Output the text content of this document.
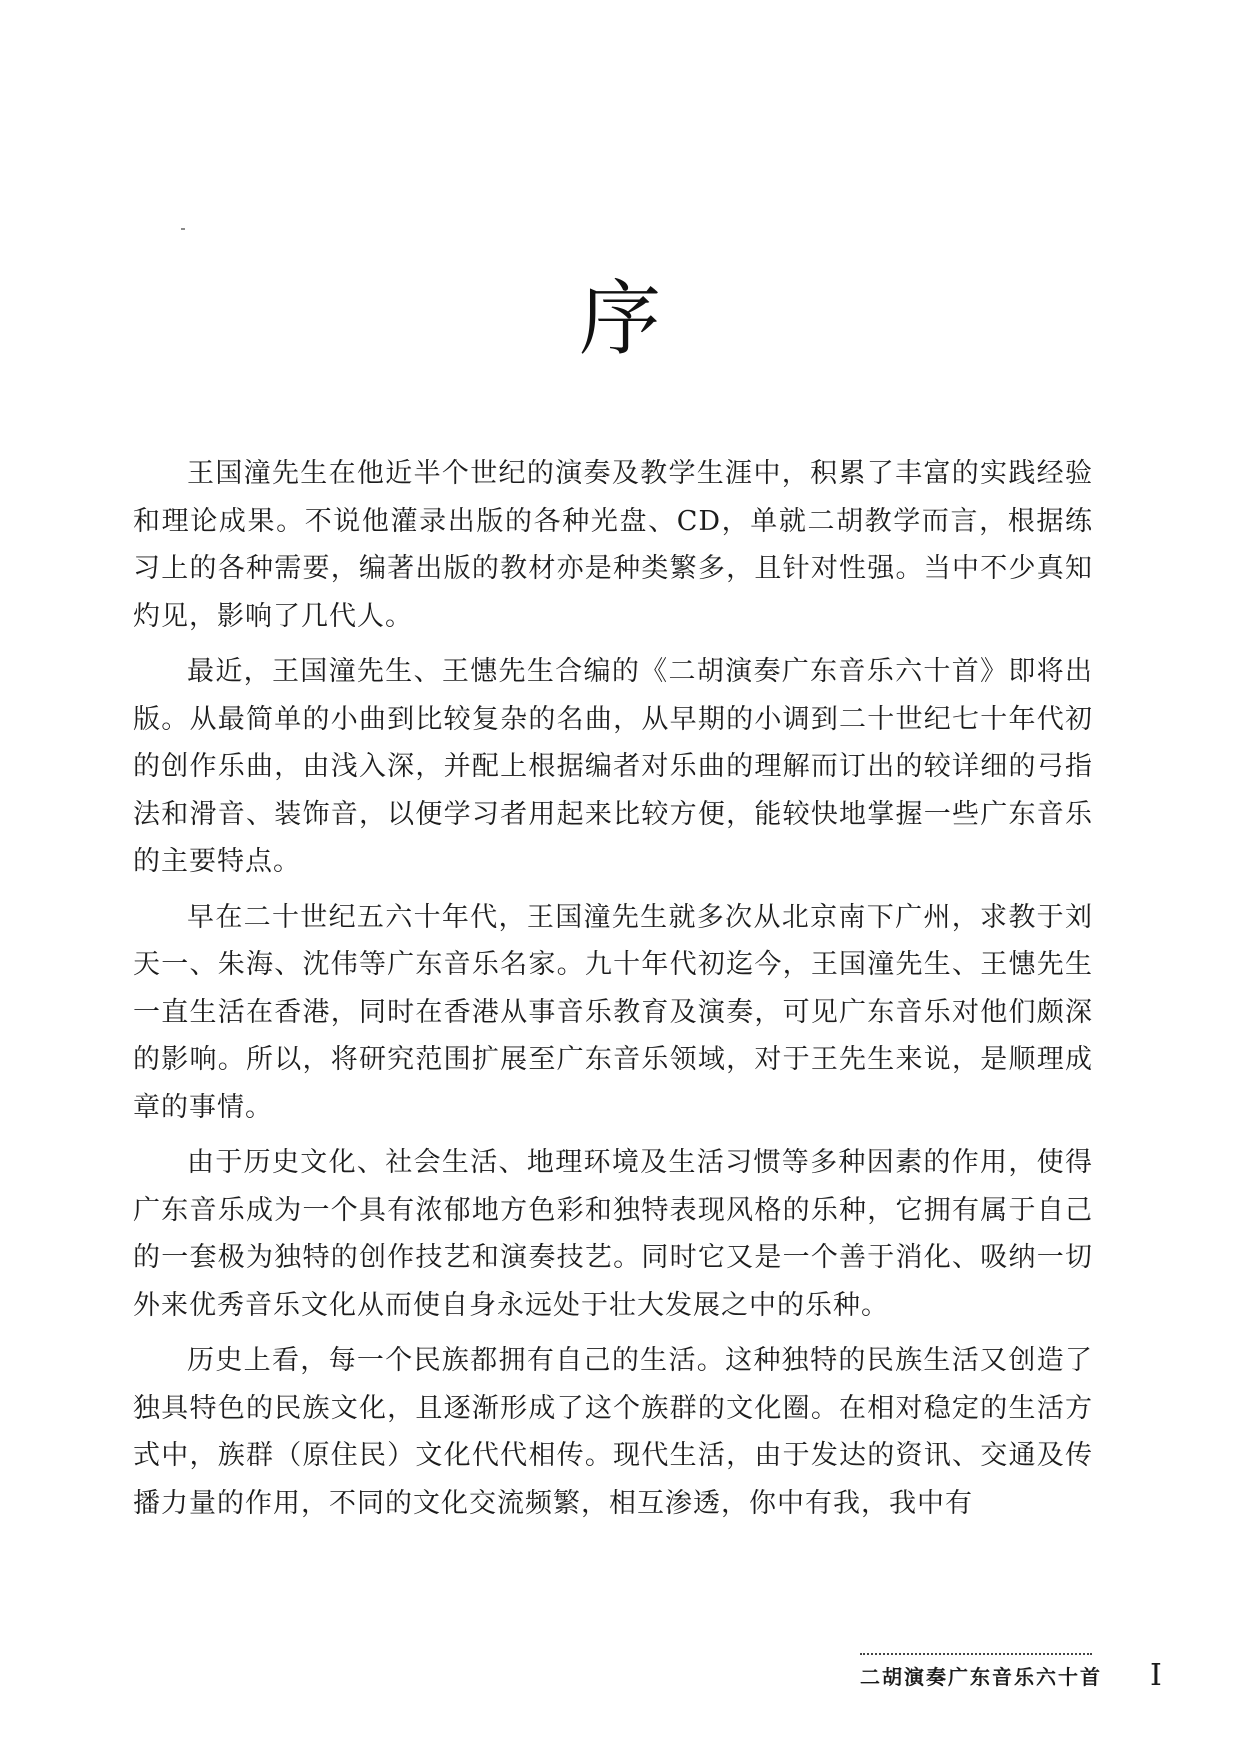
序

王国潼先生在他近半个世纪的演奏及教学生涯中，积累了丰富的实践经验和理论成果。不说他灌录出版的各种光盘、CD，单就二胡教学而言，根据练习上的各种需要，编著出版的教材亦是种类繁多，且针对性强。当中不少真知灼见，影响了几代人。

最近，王国潼先生、王憓先生合编的《二胡演奏广东音乐六十首》即将出版。从最简单的小曲到比较复杂的名曲，从早期的小调到二十世纪七十年代初的创作乐曲，由浅入深，并配上根据编者对乐曲的理解而订出的较详细的弓指法和滑音、装饰音，以便学习者用起来比较方便，能较快地掌握一些广东音乐的主要特点。

早在二十世纪五六十年代，王国潼先生就多次从北京南下广州，求教于刘天一、朱海、沈伟等广东音乐名家。九十年代初迄今，王国潼先生、王憓先生一直生活在香港，同时在香港从事音乐教育及演奏，可见广东音乐对他们颇深的影响。所以，将研究范围扩展至广东音乐领域，对于王先生来说，是顺理成章的事情。

由于历史文化、社会生活、地理环境及生活习惯等多种因素的作用，使得广东音乐成为一个具有浓郁地方色彩和独特表现风格的乐种，它拥有属于自己的一套极为独特的创作技艺和演奏技艺。同时它又是一个善于消化、吸纳一切外来优秀音乐文化从而使自身永远处于壮大发展之中的乐种。

历史上看，每一个民族都拥有自己的生活。这种独特的民族生活又创造了独具特色的民族文化，且逐渐形成了这个族群的文化圈。在相对稳定的生活方式中，族群（原住民）文化代代相传。现代生活，由于发达的资讯、交通及传播力量的作用，不同的文化交流频繁，相互渗透，你中有我，我中有

二胡演奏广东音乐六十首 I
